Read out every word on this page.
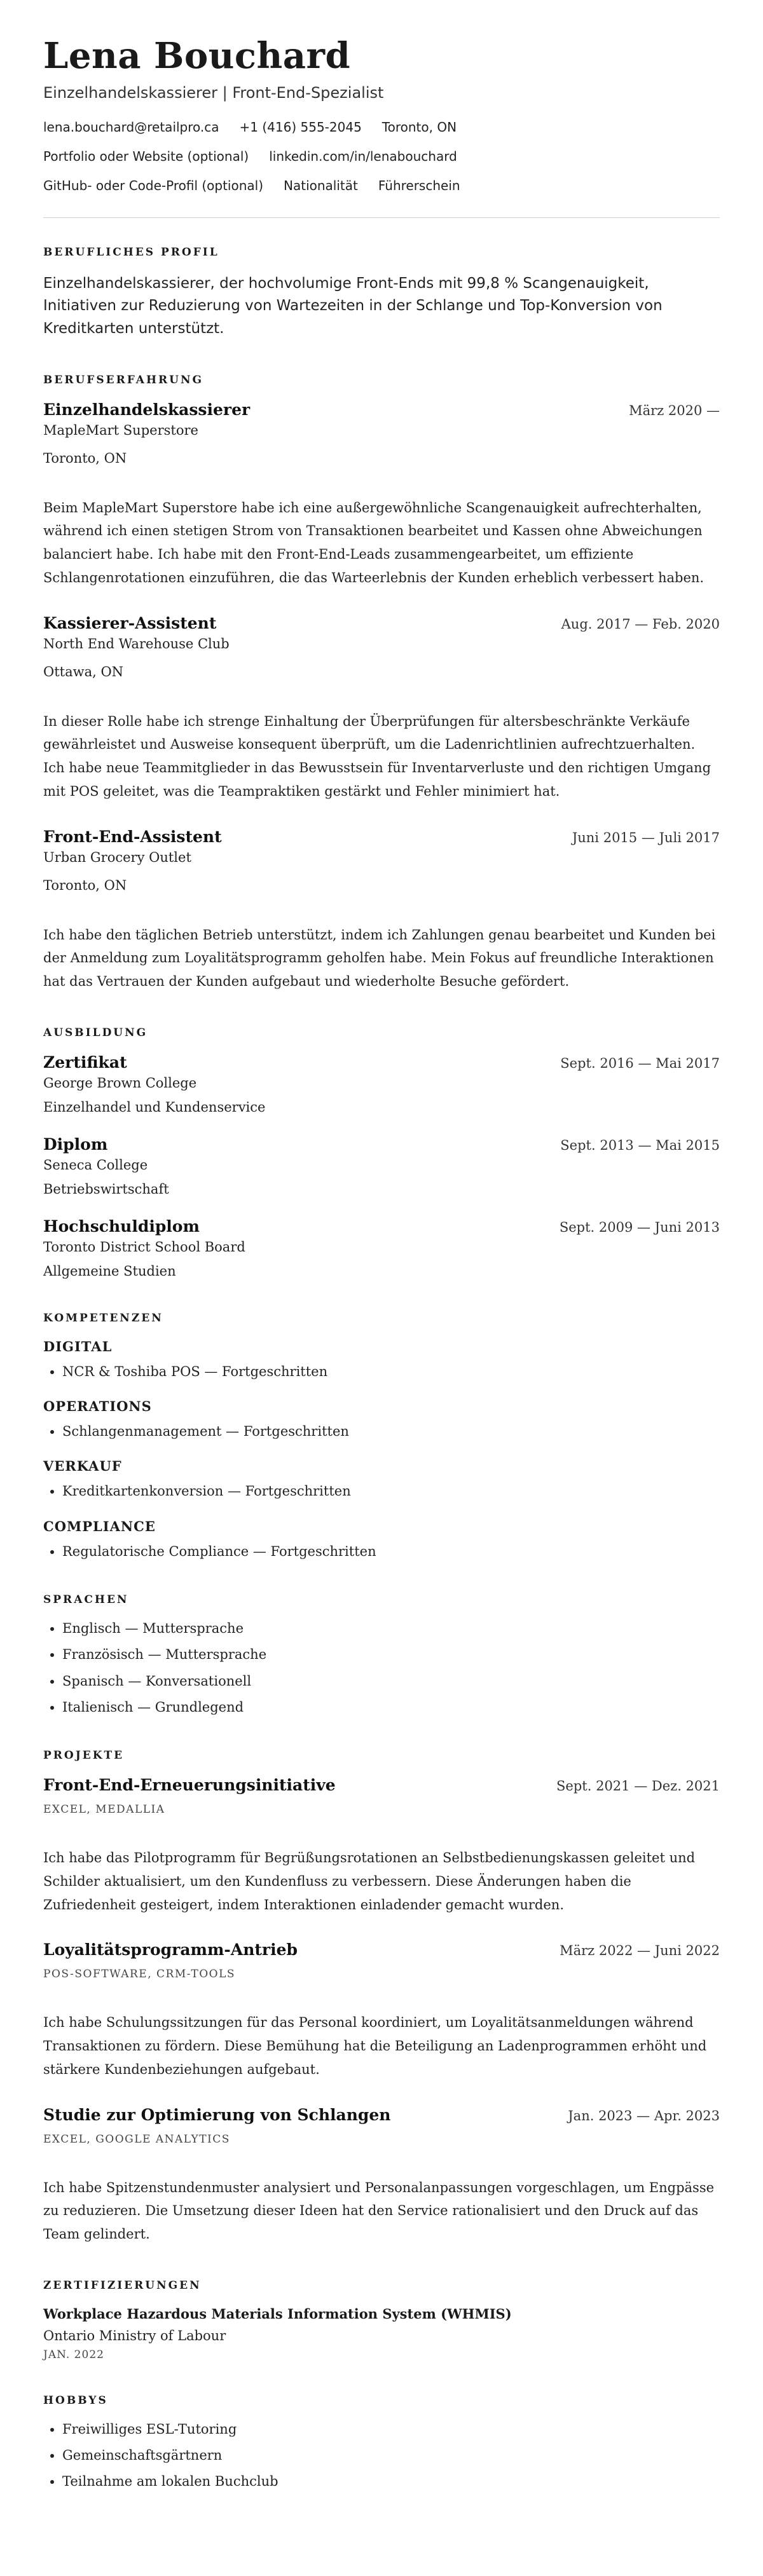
Lena Bouchard
Einzelhandelskassierer | Front-End-Spezialist
lena.bouchard@retailpro.ca +1 (416) 555-2045 Toronto, ON
Portfolio oder Website (optional) linkedin.com/in/lenabouchard
GitHub- oder Code-Profil (optional) Nationalität Führerschein
BERUFLICHES PROFIL
Einzelhandelskassierer, der hochvolumige Front-Ends mit 99,8 % Scangenauigkeit, Initiativen zur Reduzierung von Wartezeiten in der Schlange und Top-Konversion von Kreditkarten unterstützt.
BERUFSERFAHRUNG
Einzelhandelskassierer	März 2020 —
MapleMart Superstore
Toronto, ON
Beim MapleMart Superstore habe ich eine außergewöhnliche Scangenauigkeit aufrechterhalten, während ich einen stetigen Strom von Transaktionen bearbeitet und Kassen ohne Abweichungen balanciert habe. Ich habe mit den Front-End-Leads zusammengearbeitet, um effiziente Schlangenrotationen einzuführen, die das Warteerlebnis der Kunden erheblich verbessert haben.
Kassierer-Assistent	Aug. 2017 — Feb. 2020
North End Warehouse Club
Ottawa, ON
In dieser Rolle habe ich strenge Einhaltung der Überprüfungen für altersbeschränkte Verkäufe gewährleistet und Ausweise konsequent überprüft, um die Ladenrichtlinien aufrechtzuerhalten. Ich habe neue Teammitglieder in das Bewusstsein für Inventarverluste und den richtigen Umgang mit POS geleitet, was die Teampraktiken gestärkt und Fehler minimiert hat.
Front-End-Assistent	Juni 2015 — Juli 2017
Urban Grocery Outlet
Toronto, ON
Ich habe den täglichen Betrieb unterstützt, indem ich Zahlungen genau bearbeitet und Kunden bei der Anmeldung zum Loyalitätsprogramm geholfen habe. Mein Fokus auf freundliche Interaktionen hat das Vertrauen der Kunden aufgebaut und wiederholte Besuche gefördert.
AUSBILDUNG
Zertifikat	Sept. 2016 — Mai 2017
George Brown College
Einzelhandel und Kundenservice
Diplom	Sept. 2013 — Mai 2015
Seneca College
Betriebswirtschaft
Hochschuldiplom	Sept. 2009 — Juni 2013
Toronto District School Board
Allgemeine Studien
KOMPETENZEN
DIGITAL
• NCR & Toshiba POS — Fortgeschritten
OPERATIONS
• Schlangenmanagement — Fortgeschritten
VERKAUF
• Kreditkartenkonversion — Fortgeschritten
COMPLIANCE
• Regulatorische Compliance — Fortgeschritten
SPRACHEN
• Englisch — Muttersprache
• Französisch — Muttersprache
• Spanisch — Konversationell
• Italienisch — Grundlegend
PROJEKTE
Front-End-Erneuerungsinitiative	Sept. 2021 — Dez. 2021
EXCEL, MEDALLIA
Ich habe das Pilotprogramm für Begrüßungsrotationen an Selbstbedienungskassen geleitet und Schilder aktualisiert, um den Kundenfluss zu verbessern. Diese Änderungen haben die Zufriedenheit gesteigert, indem Interaktionen einladender gemacht wurden.
Loyalitätsprogramm-Antrieb	März 2022 — Juni 2022
POS-SOFTWARE, CRM-TOOLS
Ich habe Schulungssitzungen für das Personal koordiniert, um Loyalitätsanmeldungen während Transaktionen zu fördern. Diese Bemühung hat die Beteiligung an Ladenprogrammen erhöht und stärkere Kundenbeziehungen aufgebaut.
Studie zur Optimierung von Schlangen	Jan. 2023 — Apr. 2023
EXCEL, GOOGLE ANALYTICS
Ich habe Spitzenstundenmuster analysiert und Personalanpassungen vorgeschlagen, um Engpässe zu reduzieren. Die Umsetzung dieser Ideen hat den Service rationalisiert und den Druck auf das Team gelindert.
ZERTIFIZIERUNGEN
Workplace Hazardous Materials Information System (WHMIS)
Ontario Ministry of Labour
JAN. 2022
HOBBYS
• Freiwilliges ESL-Tutoring
• Gemeinschaftsgärtnern
• Teilnahme am lokalen Buchclub
